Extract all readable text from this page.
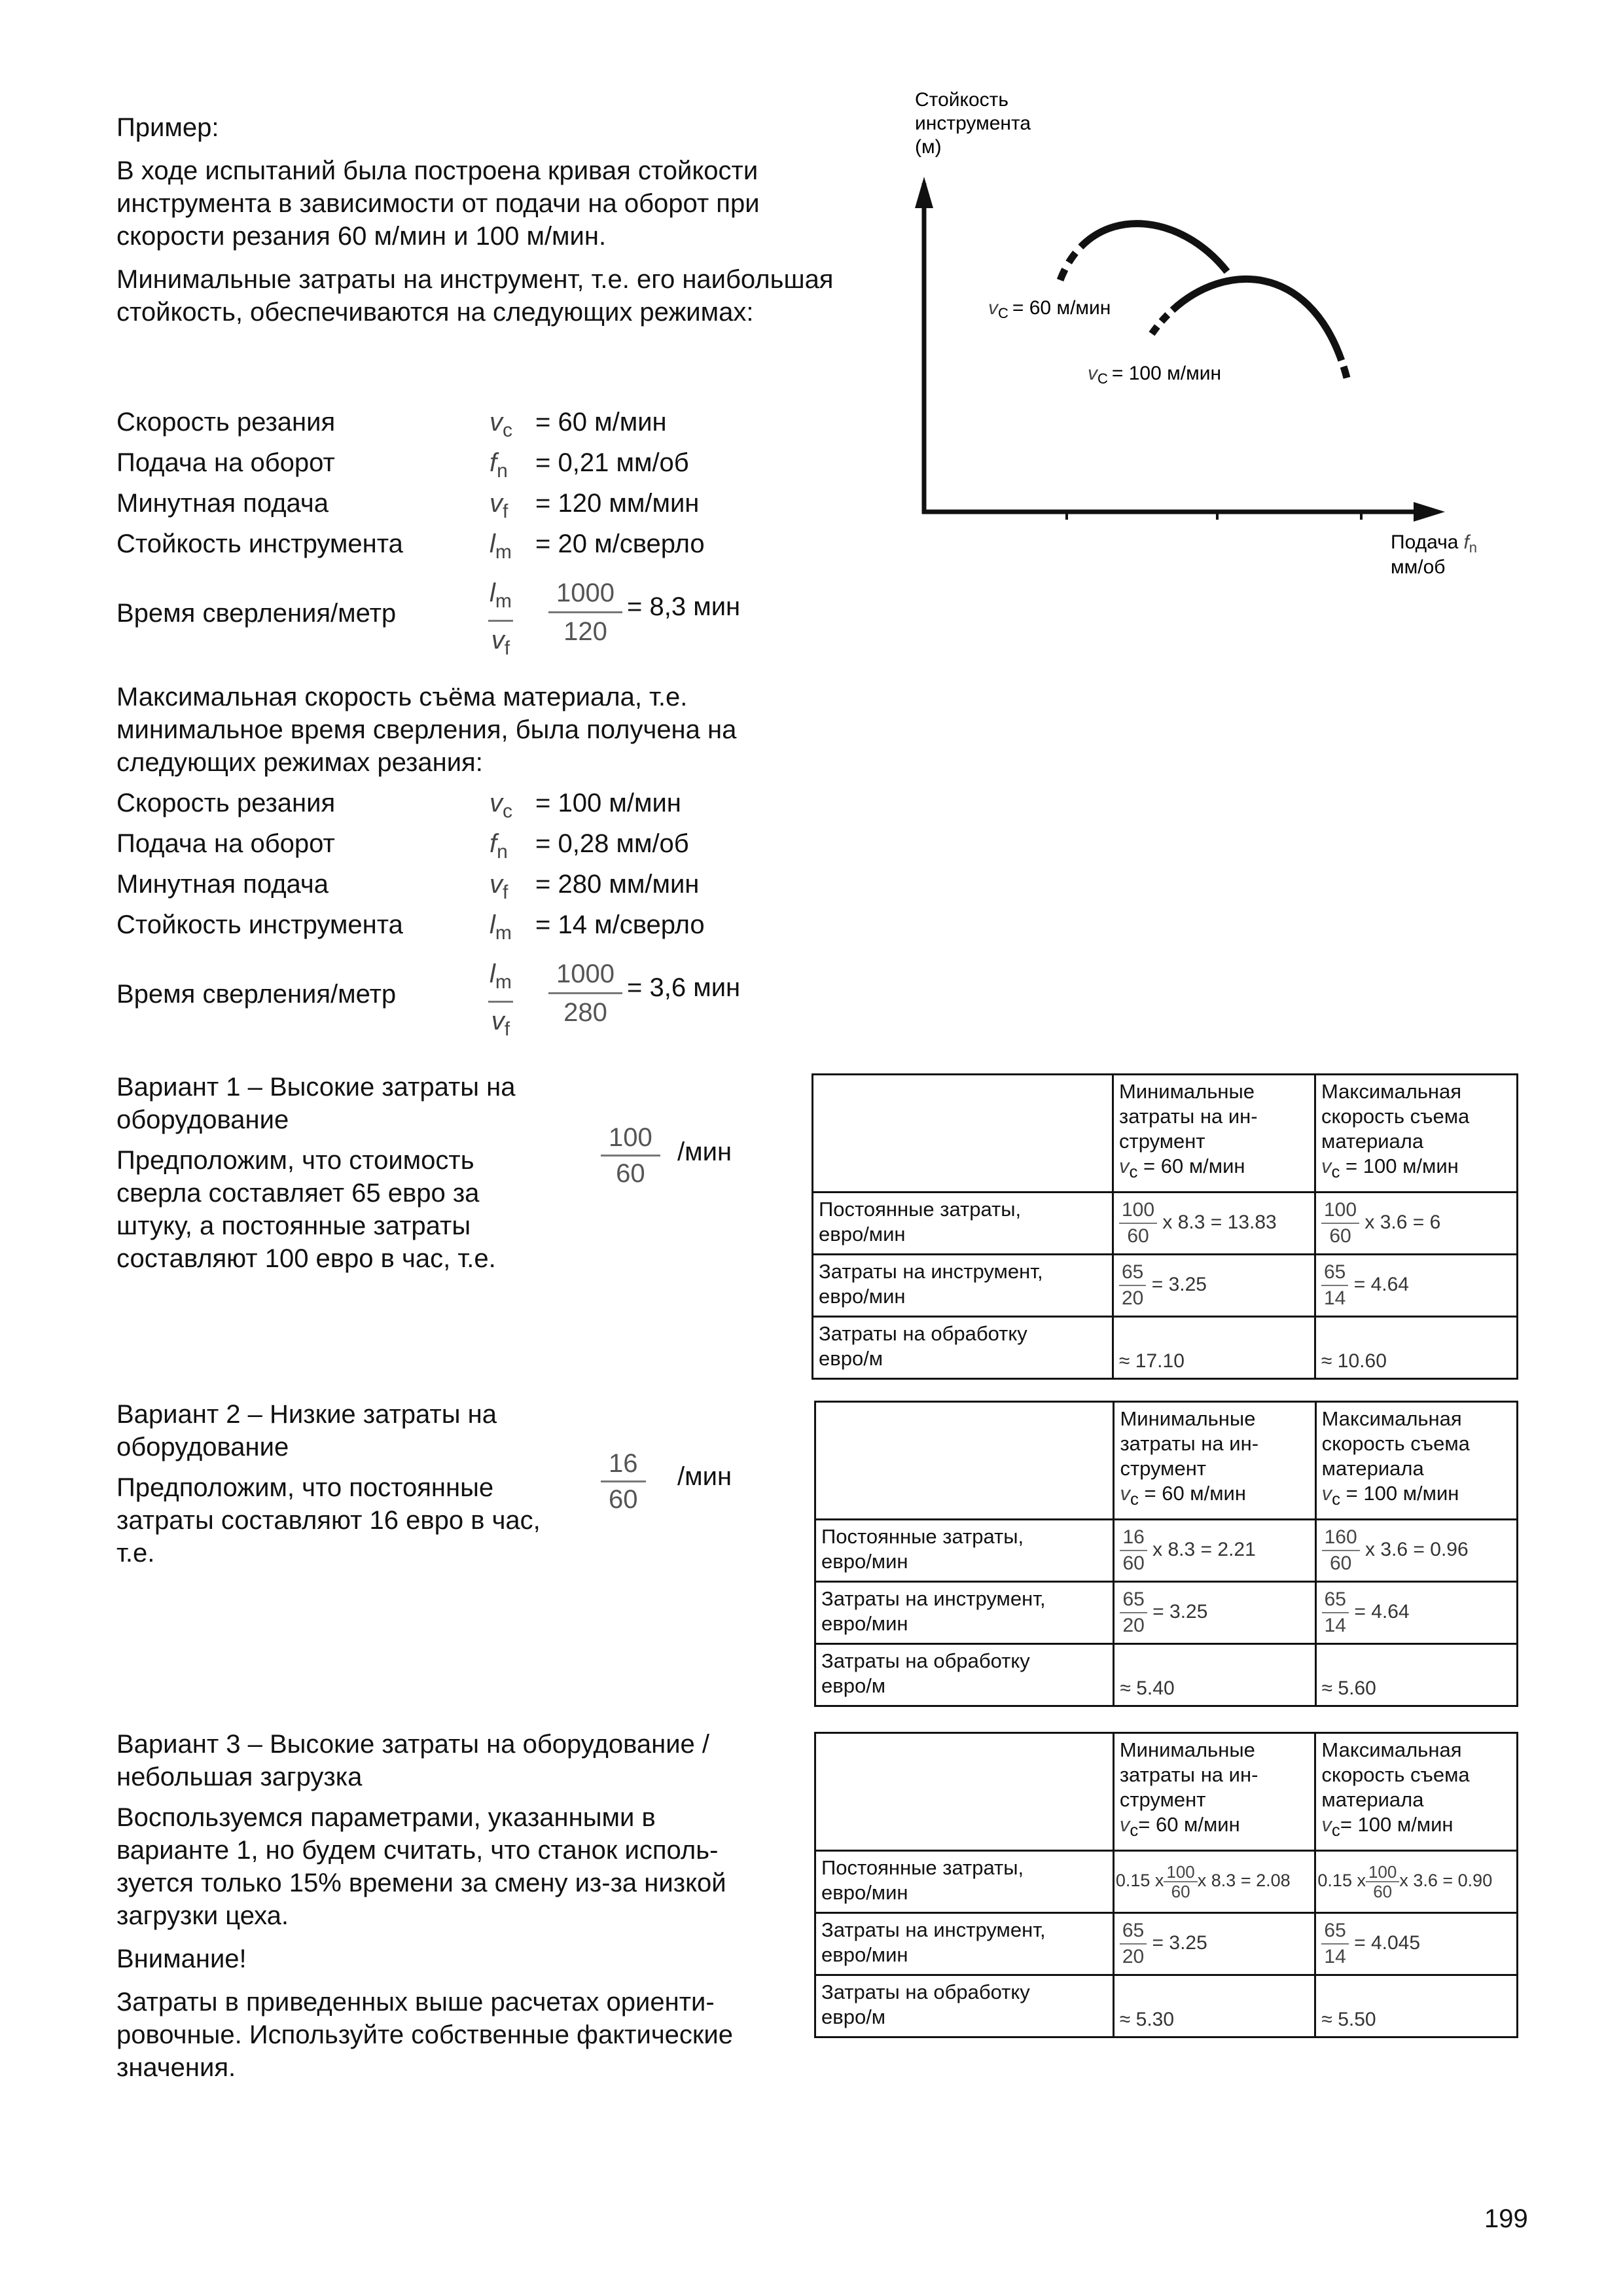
Пример:

В ходе испытаний была построена кривая стойкости инструмента в зависимости от подачи на оборот при скорости резания 60 м/мин и 100 м/мин.

Минимальные затраты на инструмент, т.е. его наибольшая стойкость, обеспечиваются на следующих режимах:

Скорость резания	$v_c = 60$ м/мин
Подача на оборот	$f_n = 0,21$ мм/об
Минутная подача	$v_f = 120$ мм/мин
Стойкость инструмента	$l_m = 20$ м/сверло
Время сверления/метр
$l_m$
$v_f \frac{1000}{120} = 8,3$ мин
Максимальная скорость съёма материала, т.е. минимальное время сверления, была получена на следующих режимах резания:
Скорость резания	$v_c = 100$ м/мин
Подача на оборот	$f_n = 0,28$ мм/об
Минутная подача	$v_f = 280$ мм/мин
Стойкость инструмента	$l_m = 14$ м/сверло
Время сверления/метр
$l_m$
$v_f \frac{1000}{280} = 3,6$ мин
Стойкость
инструмента
(м)
$v_C = 60$ м/мин
$v_C = 100$ м/мин
Подача $f_n$
мм/об
Вариант 1 – Высокие затраты на
оборудование
Предположим, что стоимость
сверла составляет 65 евро за
штуку, а постоянные затраты
составляют 100 евро в час, т.е.
100
60
/мин
	Минимальные
затраты на ин-
струмент
$v_c = 60$ м/мин	Максимальная
скорость съема
материала
$v_c = 100$ м/мин
Постоянные затраты,
евро/мин	$\frac{100}{60}$ x 8.3 = 13.83	$\frac{100}{60}$ x 3.6 = 6
Затраты на инструмент,
евро/мин	$\frac{65}{20} = 3.25$	$\frac{65}{14} = 4.64$
Затраты на обработку
евро/м	≈ 17.10	≈ 10.60
Вариант 2 – Низкие затраты на
оборудование
Предположим, что постоянные
затраты составляют 16 евро в час,
т.е.
16
60
/мин
	Минимальные
затраты на ин-
струмент
$v_c = 60$ м/мин	Максимальная
скорость съема
материала
$v_c = 100$ м/мин
Постоянные затраты,
евро/мин	$\frac{16}{60}$ x 8.3 = 2.21	$\frac{160}{60}$ x 3.6 = 0.96
Затраты на инструмент,
евро/мин	$\frac{65}{20} = 3.25$	$\frac{65}{14} = 4.64$
Затраты на обработку
евро/м	≈ 5.40	≈ 5.60
Вариант 3 – Высокие затраты на оборудование /
небольшая загрузка
Воспользуемся параметрами, указанными в
варианте 1, но будем считать, что станок исполь-
зуется только 15% времени за смену из-за низкой
загрузки цеха.
Внимание!
Затраты в приведенных выше расчетах ориенти-
ровочные. Используйте собственные фактические
значения.
	Минимальные
затраты на ин-
струмент
$v_c= 60$ м/мин	Максимальная
скорость съема
материала
$v_c= 100$ м/мин
Постоянные затраты,
евро/мин	0.15 x $\frac{100}{60}x$ 8.3 = 2.08	0.15 x $\frac{100}{60}x$ 3.6 = 0.90
Затраты на инструмент,
евро/мин	$\frac{65}{20} = 3.25$	$\frac{65}{14} = 4.045$
Затраты на обработку
евро/м	≈ 5.30	≈ 5.50
199
